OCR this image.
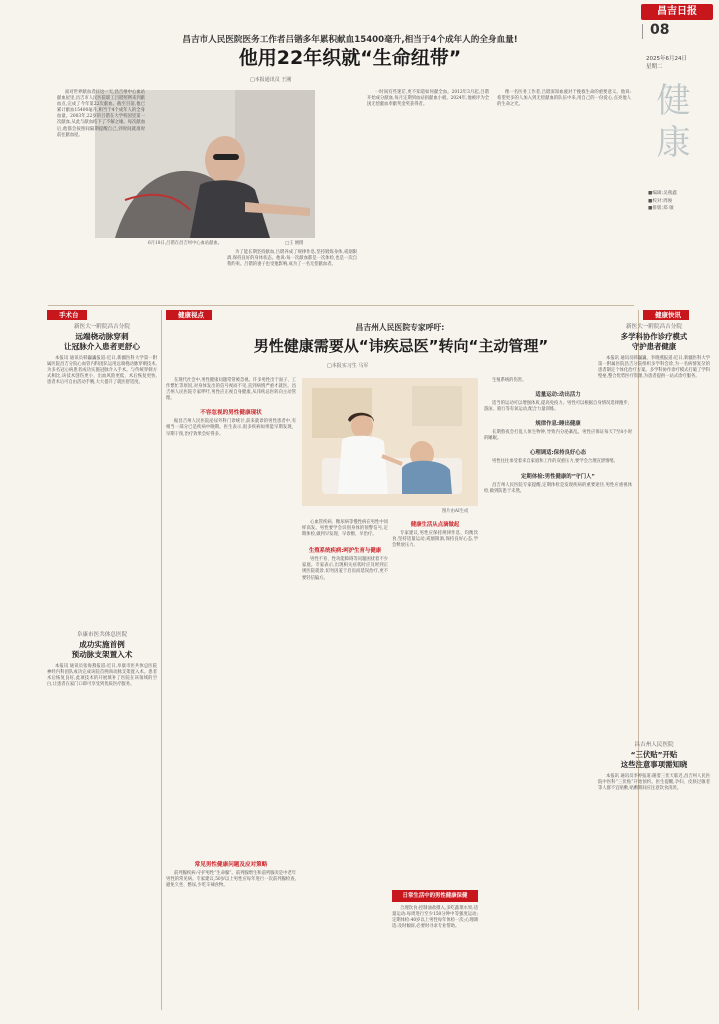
昌吉日报
08
2025年6月24日
星期二
健康
■编辑:吴燕鑫
■校对:周俊
■排版:郑 敏
昌吉市人民医院医务工作者吕锴多年累积献血15400毫升,相当于4个成年人的全身血量!
他用22年织就“生命纽带”
□本报通讯员 王刚
6月18日,吕锴在昌吉州中心血站献血。	□王 刚摄
面对世界献血者日这一天,昌吉州中心血站献血屋里,昌吉市人民医院职工吕锴照例来到献血点,完成了今年第22次献血。截至目前,他已累计献血15400毫升,相当于4个成年人的全身血量。2003年,22岁的吕锴在大学校园里第一次献血,从此与献血结下了不解之缘。每次献血后,他都会按照间隔期提醒自己,到时间就准时前往献血屋。
为了能长期坚持献血,吕锴养成了规律作息,坚持锻炼身体,戒烟限酒,保持良好的身体状态。他说:每一次献血都是一次体检,也是一次自我约束。吕锴的妻子也受他影响,成为了一名无偿献血者。
一时间有些迷茫,更不知道如何献全血。2012年3月起,吕锴开始成分献血,每月定期到血站捐献血小板。2024年,他被评为全国无偿献血奉献奖金奖获得者。
像一名医务工作者,吕锴深知血液对于挽救生命的重要意义。他说:希望更多的人加入到无偿献血的队伍中来,用自己的一份爱心,点亮他人的生命之光。
手术台
新医大一附院昌吉分院
远端桡动脉穿刺
让冠脉介入患者更舒心
本报讯 通讯员韩巍巍报道:近日,新疆医科大学第一附属医院昌吉分院心血管内科团队运用远端桡动脉穿刺技术,为多名冠心病患者成功实施冠脉介入手术。与传统穿刺方式相比,该技术创伤更小、出血风险更低、术后恢复更快,患者术后可自由活动手腕,大大提升了就医舒适度。
阜康市医共体总医院
成功实施首例
预动脉支架置入术
本报讯 通讯员张海燕报道:近日,阜康市医共体总医院神经内科团队成功完成该院首例颈动脉支架置入术。患者术后恢复良好,此项技术的开展填补了医院在该领域的空白,让患者在家门口即可享受到优质医疗服务。
健康视点
昌吉州人民医院专家呼吁:
男性健康需要从“讳疾忌医”转向“主动管理”
□本报实习生 马军
图片由AI生成
在现代社会中,男性健康问题常常被忽视。许多男性出于面子、工作繁忙等原因,对身体发出的信号视而不见,直到病情严重才就医。昌吉州人民医院专家呼吁,男性应正视自身健康,从讳疾忌医转向主动管理。
不容忽视的男性健康现状
据昌吉州人民医院泌尿外科门诊统计,前来就诊的男性患者中,有相当一部分已是疾病中晚期。医生表示,很多疾病如果能早期发现、早期干预,治疗效果会好得多。
常见男性健康问题及应对策略
前列腺疾病:守护男性“生命腺”。前列腺增生和前列腺炎是中老年男性的常见病。专家建议,50岁以上男性应每年进行一次前列腺检查,避免久坐、憋尿,少吃辛辣食物。
心血管疾病、糖尿病等慢性病在男性中同样高发。男性要学会识别身体的预警信号,定期体检,做到早发现、早诊断、早治疗。
生殖系统疾病:呵护生育与健康
男性不育、性功能障碍等问题困扰着不少家庭。专家表示,出现相关症状时应及时到正规医院就诊,切勿因羞于启齿而延误治疗,更不要轻信偏方。
健康生活从点滴做起
专家建议,男性应保持规律作息、均衡饮食,坚持适量运动,戒烟限酒,保持良好心态,学会释放压力。
日常生活中的男性健康保健
合理饮食:控制油盐摄入,多吃蔬菜水果;适量运动:每周进行至少150分钟中等强度运动;定期体检:40岁以上男性每年体检一次;心理调适:及时倾诉,必要时寻求专业帮助。
生殖系统的伤害。
适量运动:动出活力
适当的运动可以增强体质,提高免疫力。男性可以根据自身情况选择跑步、游泳、骑行等有氧运动,配合力量训练。
规律作息:睡出健康
长期熬夜会打乱人体生物钟,导致内分泌紊乱。男性应保证每天7至8小时的睡眠。
心理调适:保持良好心态
男性往往承受着来自家庭和工作的双重压力,要学会合理宣泄情绪。
定期体检:男性健康的“守门人”
昌吉州人民医院专家提醒,定期体检是发现疾病的重要途径,男性应重视体检,做到防患于未然。
健康快讯
新医大一附院昌吉分院
多学科协作诊疗模式
守护患者健康
本报讯 通讯员韩巍巍、李晓燕报道:近日,新疆医科大学第一附属医院昌吉分院组织多学科会诊,为一名病情复杂的患者制定个体化治疗方案。多学科协作诊疗模式打破了学科壁垒,整合优势医疗资源,为患者提供一站式诊疗服务。
昌吉州人民医院
“三伏贴”开贴
这些注意事项需知晓
本报讯 通讯员李婷报道:随着三伏天临近,昌吉州人民医院中医科“三伏贴”开始预约。医生提醒,孕妇、皮肤过敏者等人群不宜贴敷,贴敷期间应注意饮食清淡。
